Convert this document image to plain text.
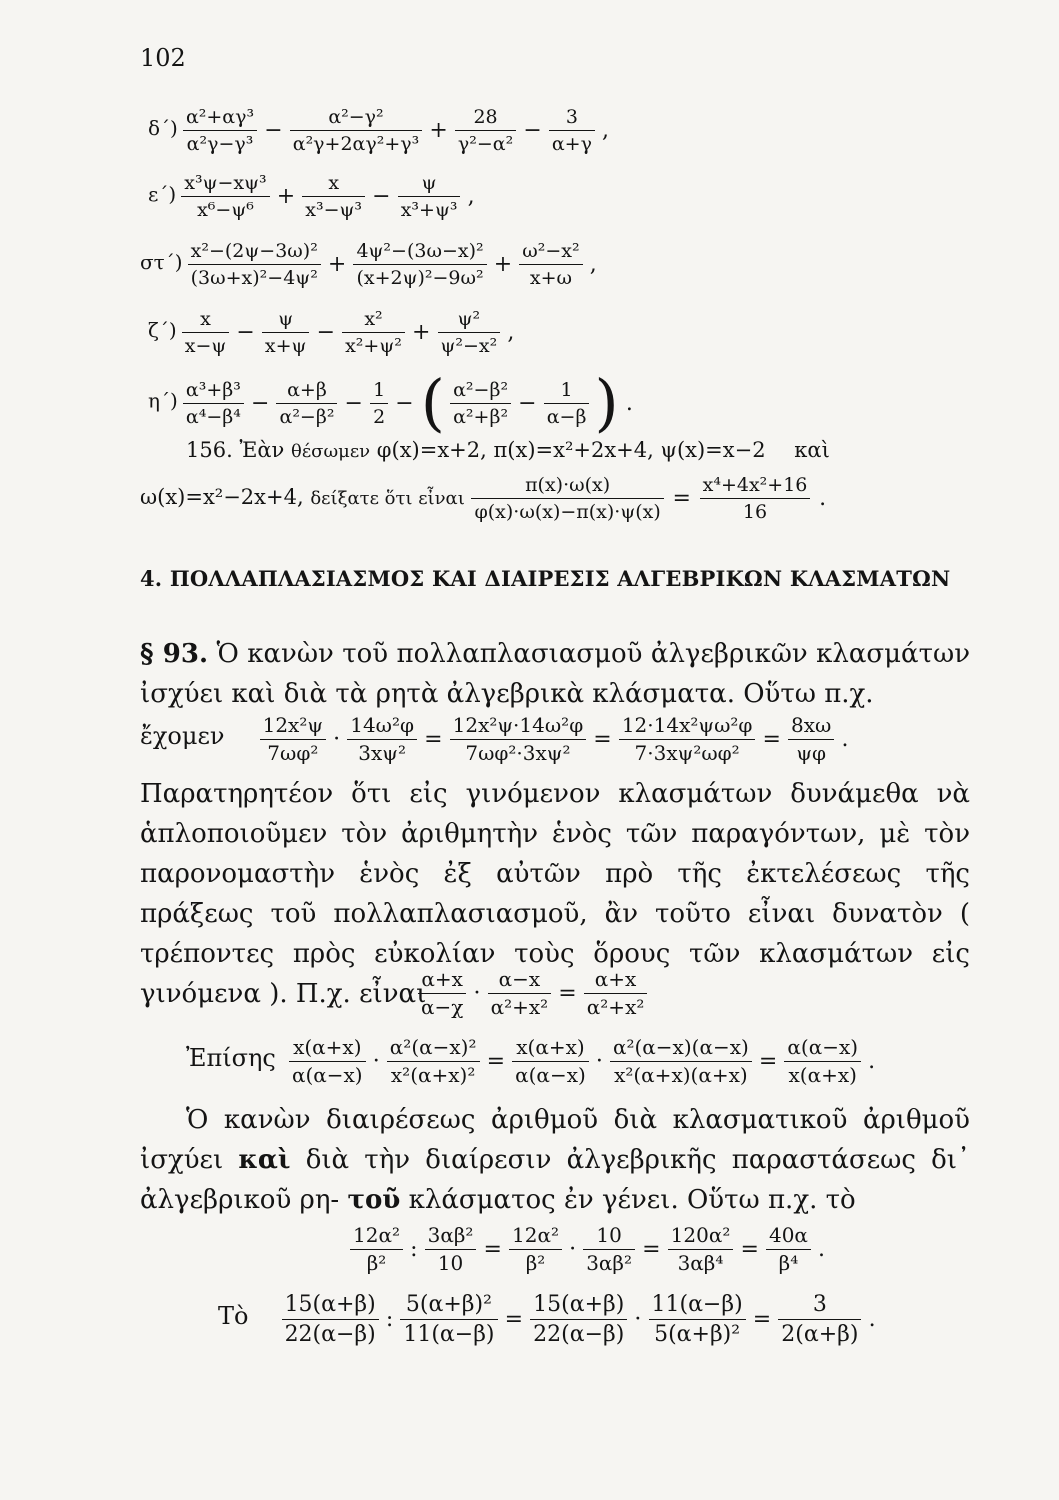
102
$\delta΄) \frac{\text{α²+αγ³}}{\text{α²γ−γ³}} - \frac{\text{α²−γ²}}{\text{α²γ+2αγ²+γ³}} + \frac{28}{\text{γ²−α²}} - \frac{3}{\alpha+\gamma}$ ,
$\varepsilon΄) \frac{\text{x³ψ−xψ³}}{\text{x⁶−ψ⁶}} + \frac{x}{\text{x³−ψ³}} - \frac{\psi}{\text{x³+ψ³}}$ ,
$\sigma\tau΄) \frac{\text{x²−(2ψ−3ω)²}}{\text{(3ω+x)²−4ψ²}} + \frac{\text{4ψ²−(3ω−x)²}}{\text{(x+2ψ)²−9ω²}} + \frac{\text{ω²−x²}}{x+\omega}$ ,
$\zeta΄) \frac{x}{x-\psi} - \frac{\psi}{x+\psi} - \frac{\text{x²}}{\text{x²+ψ²}} + \frac{\text{ψ²}}{\text{ψ²−x²}}$ ,
$\eta΄) \frac{\text{α³+β³}}{\text{α⁴−β⁴}} - \frac{\alpha+\beta}{\text{α²−β²}} - \frac{1}{2}$ − ( $\frac{\text{α²−β²}}{\text{α²+β²}} - \frac{1}{\alpha-\beta}$ ) .
156. Ἐὰν θέσωμεν φ(x)=x+2, π(x)=x²+2x+4, ψ(x)=x−2 καὶ
ω(x)=x²−2x+4, δείξατε ὅτι εἶναι $\frac{\pi(x)\cdot\omega(x)}{\varphi(x)\cdot\omega(x)-\pi(x)\cdot\psi(x)} = \frac{\text{x⁴+4x²+16}}{16}$ .
4. ΠΟΛΛΑΠΛΑΣΙΑΣΜΟΣ ΚΑΙ ΔΙΑΙΡΕΣΙΣ ΑΛΓΕΒΡΙΚΩΝ ΚΛΑΣΜΑΤΩΝ
§ 93. Ὁ κανὼν τοῦ πολλαπλασιασμοῦ ἀλγεβρικῶν κλασμάτων ἰσχύει καὶ διὰ τὰ ρητὰ ἀλγεβρικὰ κλάσματα. Οὕτω π.χ.
ἔχομεν $\frac{\text{12x²ψ}}{\text{7ωφ²}} \cdot \frac{\text{14ω²φ}}{\text{3xψ²}} = \frac{\text{12x²ψ·14ω²φ}}{\text{7ωφ²·3xψ²}} = \frac{\text{12·14x²ψω²φ}}{\text{7·3xψ²ωφ²}} = \frac{8x\omega}{\psi\varphi}$ .
Παρατηρητέον ὅτι εἰς γινόμενον κλασμάτων δυνάμεθα νὰ ἁπλοποιοῦμεν τὸν ἀριθμητὴν ἑνὸς τῶν παραγόντων, μὲ τὸν παρονομαστὴν ἑνὸς ἐξ αὐτῶν πρὸ τῆς ἐκτελέσεως τῆς πράξεως τοῦ πολλαπλασιασμοῦ, ἂν τοῦτο εἶναι δυνατὸν ( τρέποντες πρὸς εὐκολίαν τοὺς ὅρους τῶν κλασμάτων εἰς γινόμενα ). Π.χ. εἶναι
$\frac{\alpha+x}{\alpha-\chi} \cdot \frac{\alpha-x}{\text{α²+x²}} = \frac{\alpha+x}{\text{α²+x²}}$
Ἐπίσης $\frac{x(\alpha+x)}{\alpha(\alpha-x)} \cdot \frac{\text{α²(α−x)²}}{\text{x²(α+x)²}} = \frac{x(\alpha+x)}{\alpha(\alpha-x)} \cdot \frac{\text{α²(α−x)(α−x)}}{\text{x²(α+x)(α+x)}} = \frac{\alpha(\alpha-x)}{x(\alpha+x)}$ .
Ὁ κανὼν διαιρέσεως ἀριθμοῦ διὰ κλασματικοῦ ἀριθμοῦ ἰσχύει καὶ διὰ τὴν διαίρεσιν ἀλγεβρικῆς παραστάσεως δι᾽ ἀλγεβρικοῦ ρη- τοῦ κλάσματος ἐν γένει. Οὕτω π.χ. τὸ
$\frac{\text{12α²}}{\text{β²}}$ : $\frac{\text{3αβ²}}{10} = \frac{\text{12α²}}{\text{β²}} \cdot \frac{10}{\text{3αβ²}} = \frac{\text{120α²}}{\text{3αβ⁴}} = \frac{40\alpha}{\text{β⁴}}$ .
Τὸ $\frac{15(\alpha+\beta)}{22(\alpha-\beta)}$ : $\frac{\text{5(α+β)²}}{11(\alpha-\beta)} = \frac{15(\alpha+\beta)}{22(\alpha-\beta)} \cdot \frac{11(\alpha-\beta)}{\text{5(α+β)²}} = \frac{3}{2(\alpha+\beta)}$ .
